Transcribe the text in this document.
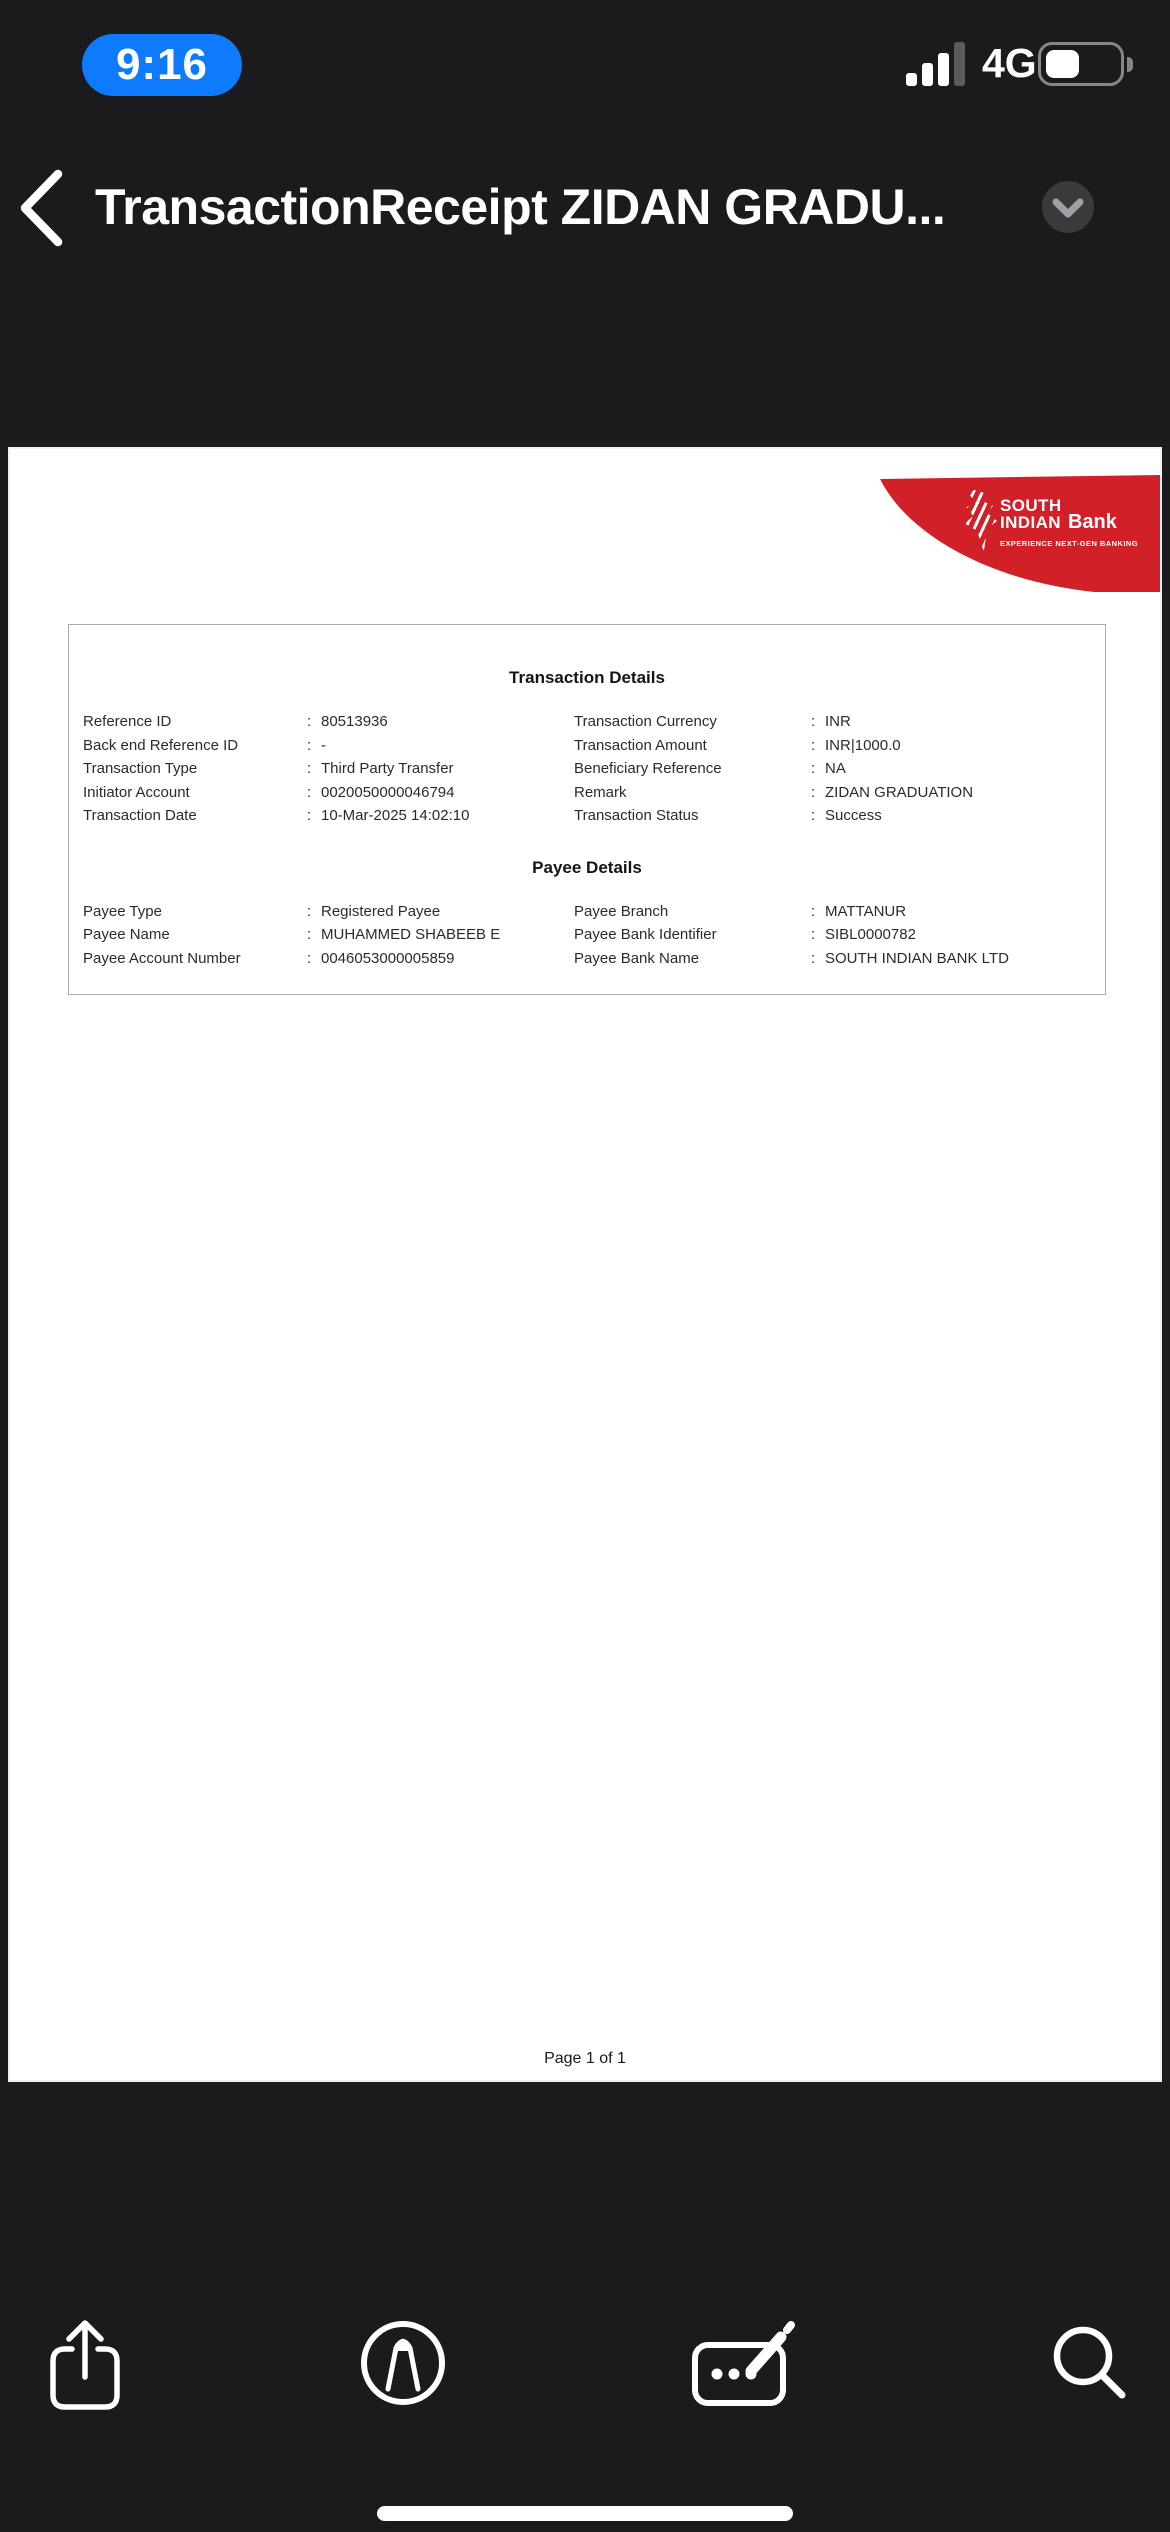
9:16	4G
TransactionReceipt ZIDAN GRADU...
SOUTH
INDIAN Bank
EXPERIENCE NEXT-GEN BANKING
Transaction Details
Reference ID	: 80513936	Transaction Currency	: INR
Back end Reference ID	: -	Transaction Amount	: INR|1000.0
Transaction Type	: Third Party Transfer	Beneficiary Reference	: NA
Initiator Account	: 0020050000046794	Remark	: ZIDAN GRADUATION
Transaction Date	: 10-Mar-2025 14:02:10	Transaction Status	: Success
Payee Details
Payee Type	: Registered Payee	Payee Branch	: MATTANUR
Payee Name	: MUHAMMED SHABEEB E	Payee Bank Identifier	: SIBL0000782
Payee Account Number	: 0046053000005859	Payee Bank Name	: SOUTH INDIAN BANK LTD
Page 1 of 1
